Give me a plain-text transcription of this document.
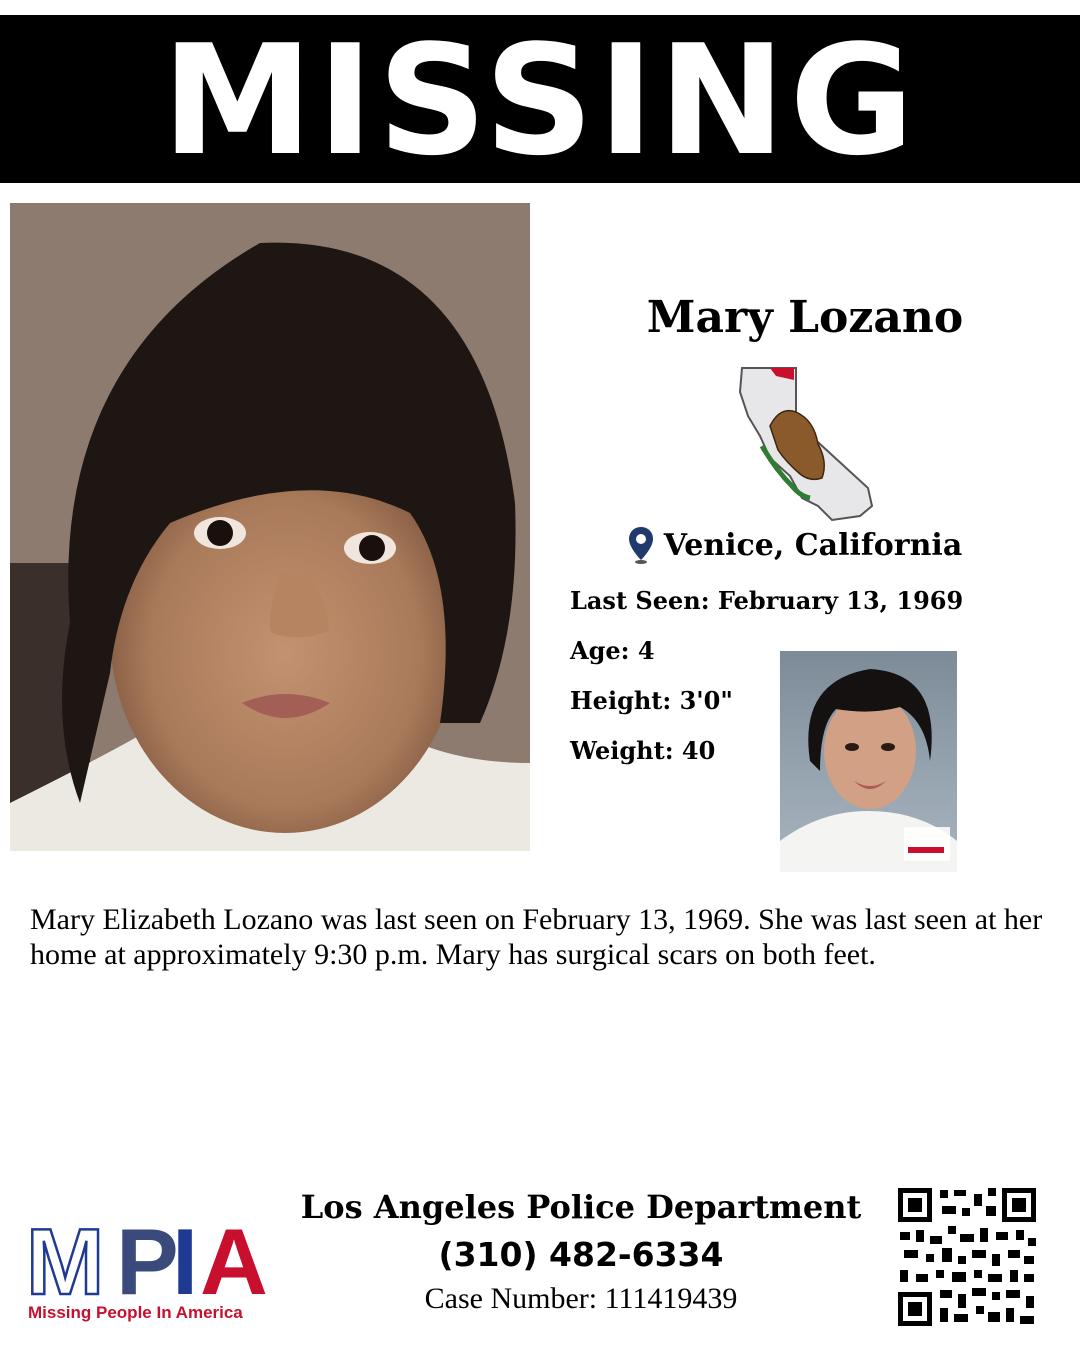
MISSING
Mary Lozano
Venice, California
Last Seen: February 13, 1969
Age: 4
Height: 3'0"
Weight: 40
Mary Elizabeth Lozano was last seen on February 13, 1969. She was last seen at her home at approximately 9:30 p.m. Mary has surgical scars on both feet.
M P
I A
Missing People In America
Los Angeles Police Department
(310) 482-6334
Case Number: 111419439
